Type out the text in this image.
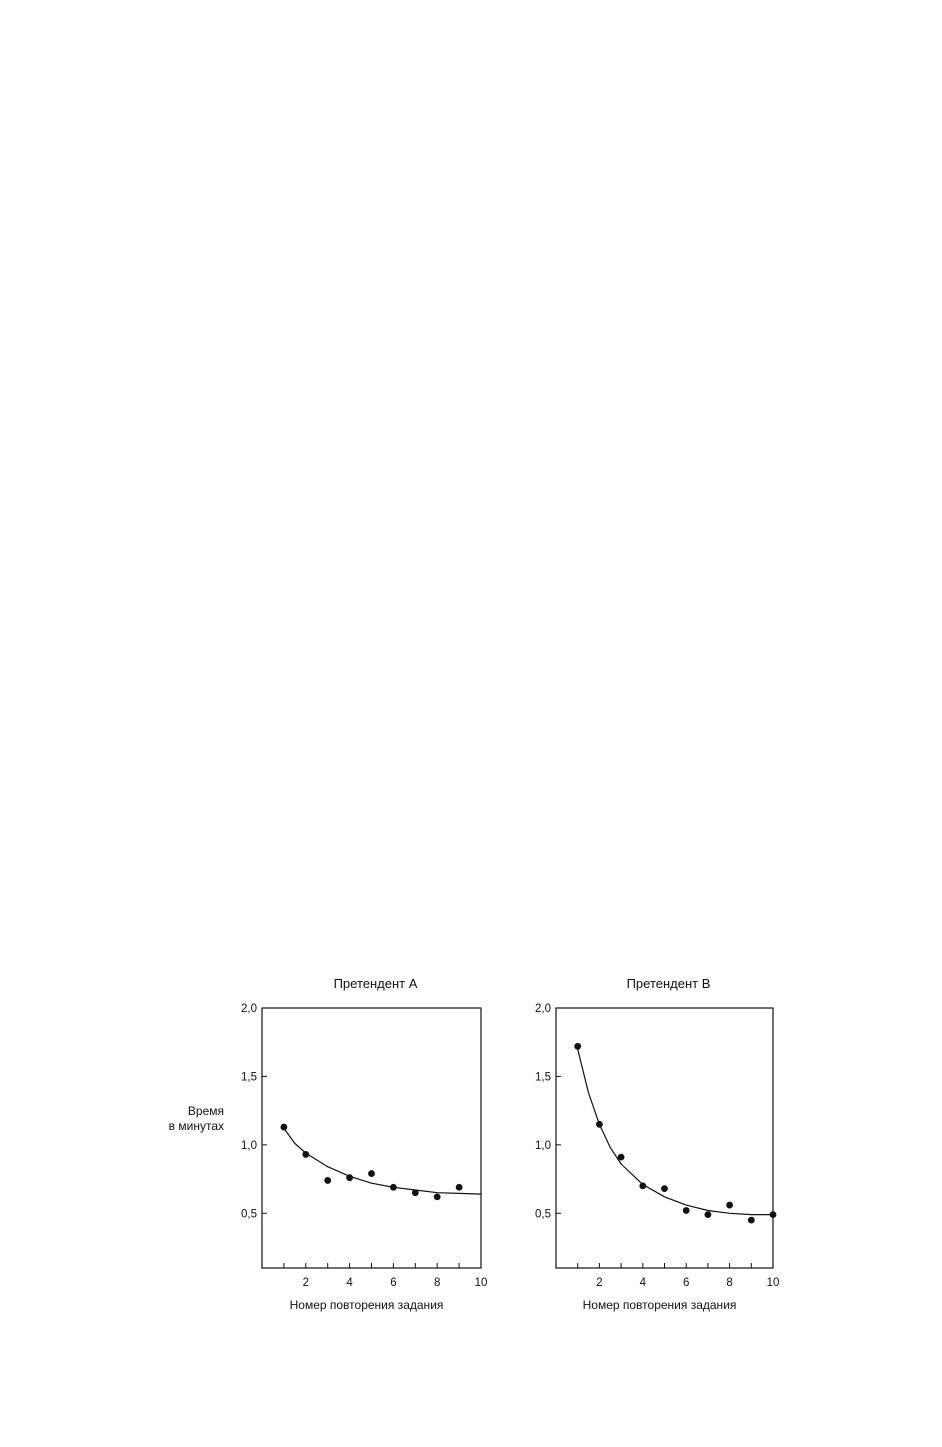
Время
в минутах
Претендент А
0,5
1,0
1,5
2,0
2	4	6	8	10
Номер повторения задания
Претендент В
0,5
1,0
1,5
2,0
2	4	6	8	10
Номер повторения задания
